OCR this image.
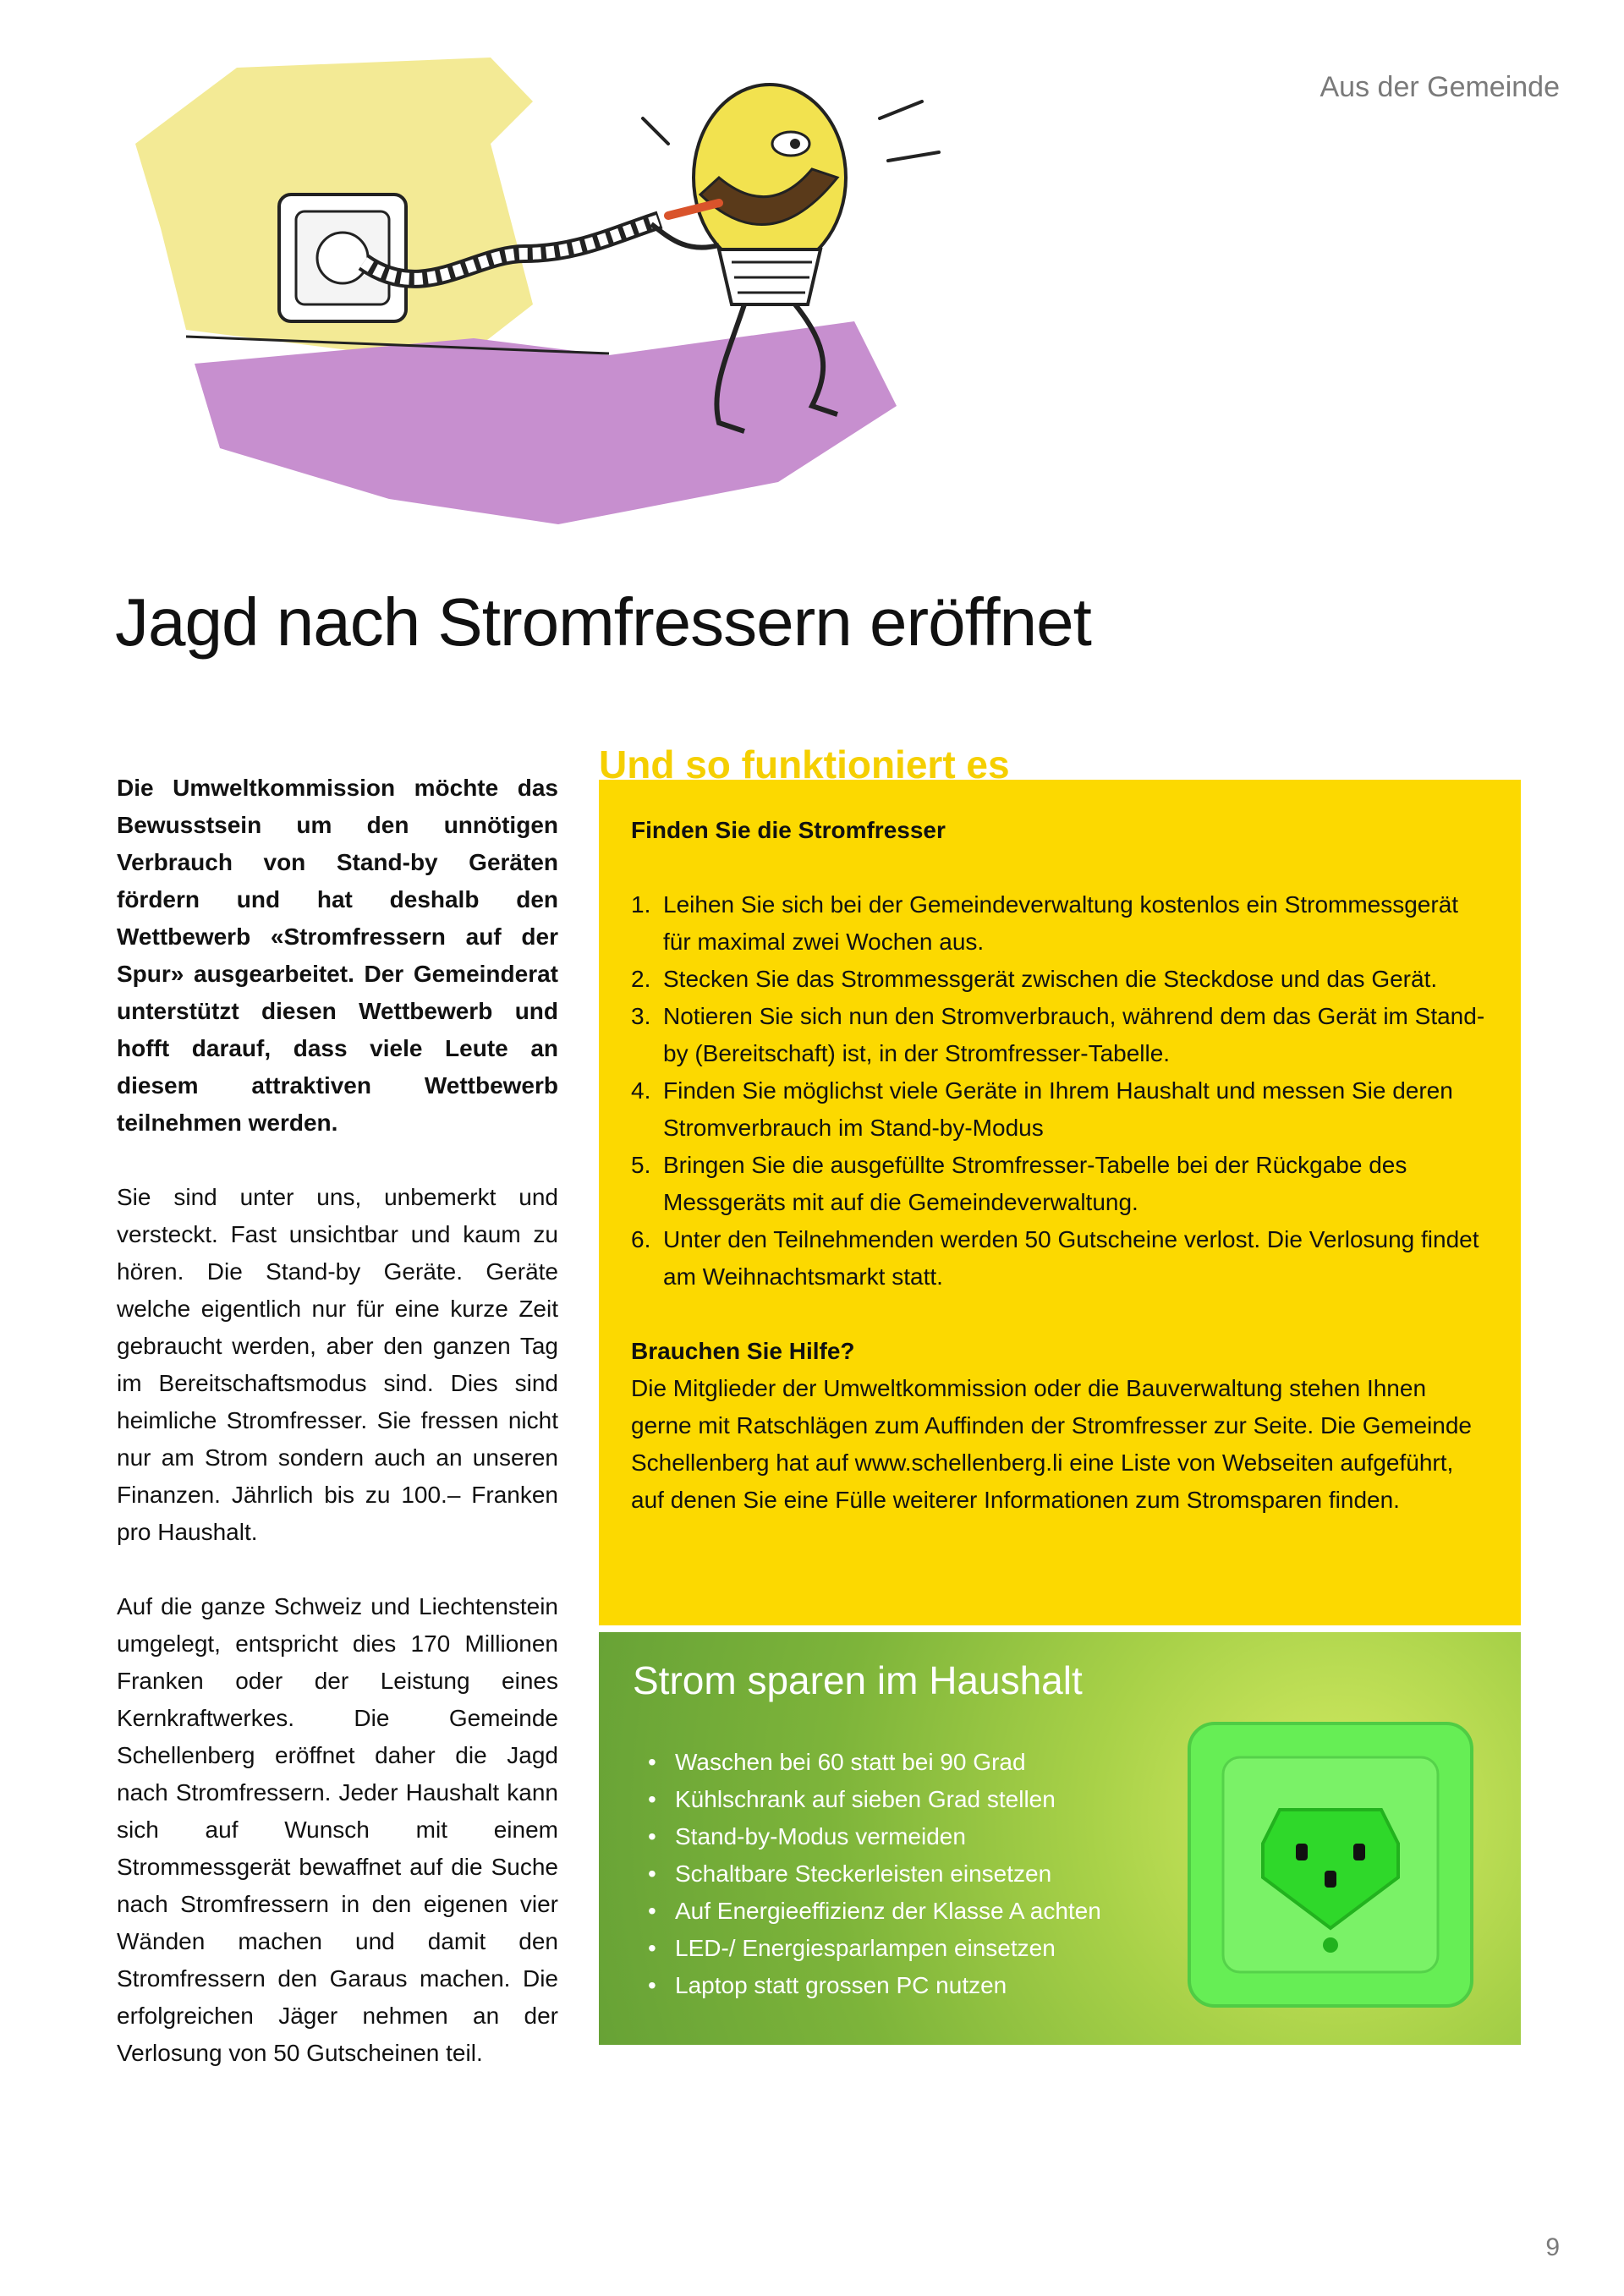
Aus der Gemeinde
Jagd nach Stromfressern eröffnet

Die Umweltkommission möchte das Bewusstsein um den unnötigen Verbrauch von Stand-by Geräten fördern und hat deshalb den Wettbewerb «Stromfressern auf der Spur» ausgearbeitet. Der Gemeinderat unterstützt diesen Wettbewerb und hofft darauf, dass viele Leute an diesem attraktiven Wettbewerb teilnehmen werden.

Sie sind unter uns, unbemerkt und versteckt. Fast unsichtbar und kaum zu hören. Die Stand-by Geräte. Geräte welche eigentlich nur für eine kurze Zeit gebraucht werden, aber den ganzen Tag im Bereitschaftsmodus sind. Dies sind heimliche Stromfresser. Sie fressen nicht nur am Strom sondern auch an unseren Finanzen. Jährlich bis zu 100.– Franken pro Haushalt.

Auf die ganze Schweiz und Liechtenstein umgelegt, entspricht dies 170 Millionen Franken oder der Leistung eines Kernkraftwerkes. Die Gemeinde Schellenberg eröffnet daher die Jagd nach Stromfressern. Jeder Haushalt kann sich auf Wunsch mit einem Strommessgerät bewaffnet auf die Suche nach Stromfressern in den eigenen vier Wänden machen und damit den Stromfressern den Garaus machen. Die erfolgreichen Jäger nehmen an der Verlosung von 50 Gutscheinen teil.

Und so funktioniert es
Finden Sie die Stromfresser
1. Leihen Sie sich bei der Gemeindeverwaltung kostenlos ein Strommessgerät für maximal zwei Wochen aus.
2. Stecken Sie das Strommessgerät zwischen die Steckdose und das Gerät.
3. Notieren Sie sich nun den Stromverbrauch, während dem das Gerät im Stand-by (Bereitschaft) ist, in der Stromfresser-Tabelle.
4. Finden Sie möglichst viele Geräte in Ihrem Haushalt und messen Sie deren Stromverbrauch im Stand-by-Modus
5. Bringen Sie die ausgefüllte Stromfresser-Tabelle bei der Rückgabe des Messgeräts mit auf die Gemeindeverwaltung.
6. Unter den Teilnehmenden werden 50 Gutscheine verlost. Die Verlosung findet am Weihnachtsmarkt statt.
Brauchen Sie Hilfe?
Die Mitglieder der Umweltkommission oder die Bauverwaltung stehen Ihnen gerne mit Ratschlägen zum Auffinden der Stromfresser zur Seite. Die Gemeinde Schellenberg hat auf www.schellenberg.li eine Liste von Webseiten aufgeführt, auf denen Sie eine Fülle weiterer Informationen zum Stromsparen finden.
Strom sparen im Haushalt
• Waschen bei 60 statt bei 90 Grad
• Kühlschrank auf sieben Grad stellen
• Stand-by-Modus vermeiden
• Schaltbare Steckerleisten einsetzen
• Auf Energieeffizienz der Klasse A achten
• LED-/ Energiesparlampen einsetzen
• Laptop statt grossen PC nutzen
9
